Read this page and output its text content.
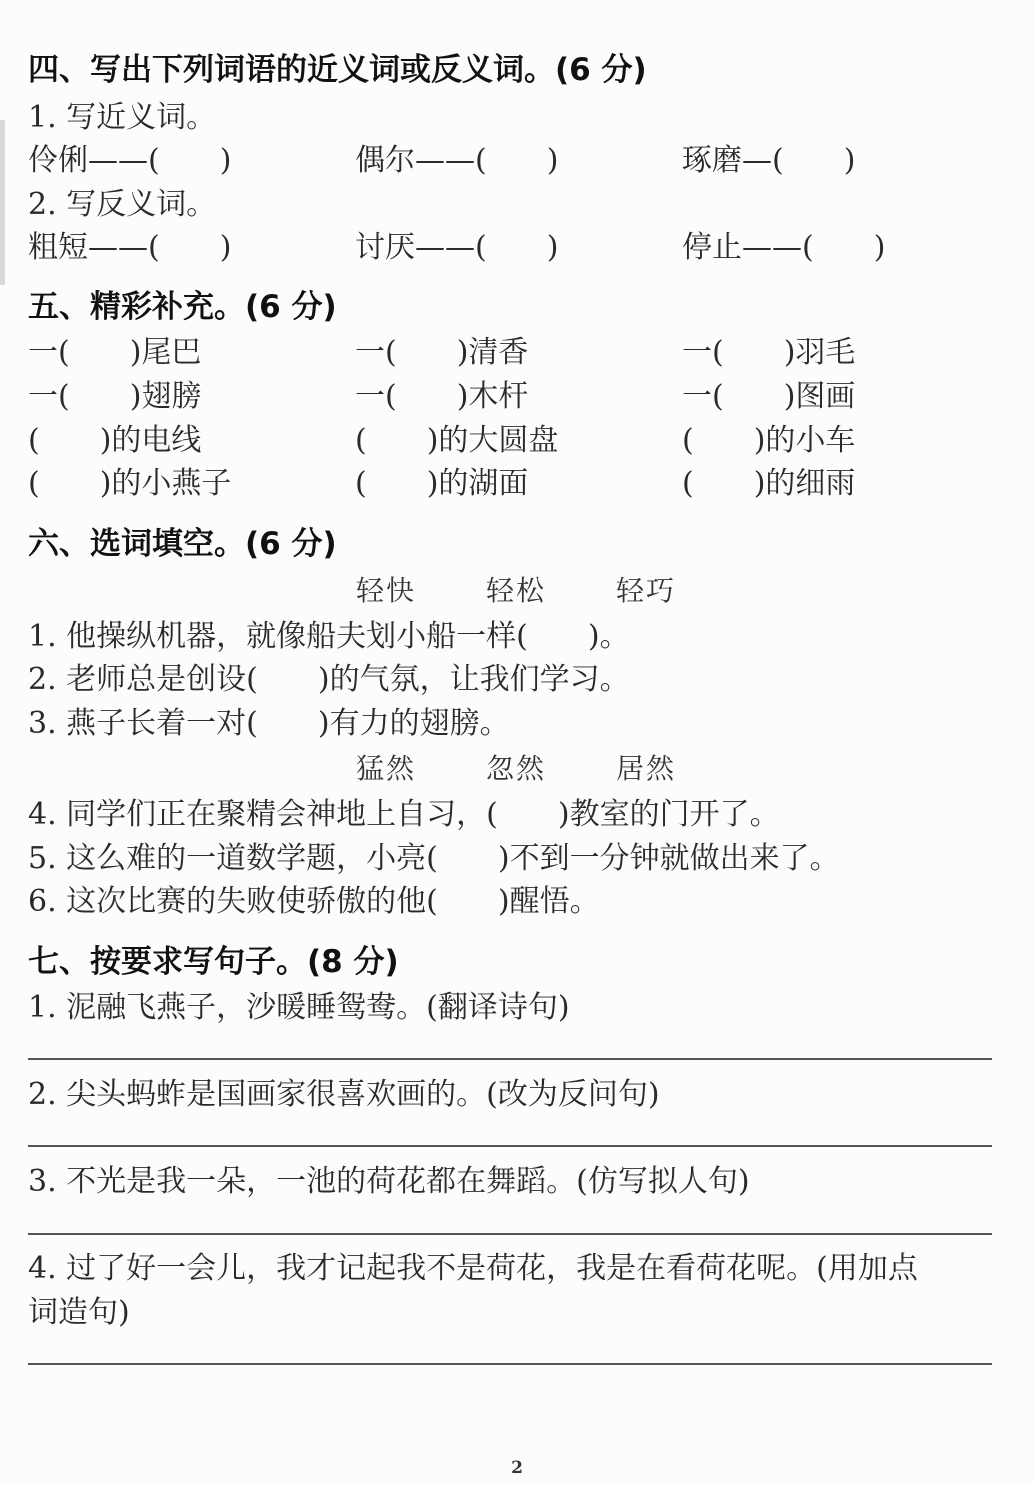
四、写出下列词语的近义词或反义词。(6 分)
1. 写近义词。
伶俐——(　　)	偶尔——(　　)	琢磨—(　　)
2. 写反义词。
粗短——(　　)	讨厌——(　　)	停止——(　　)
五、精彩补充。(6 分)
一(　　)尾巴	一(　　)清香	一(　　)羽毛
一(　　)翅膀	一(　　)木杆	一(　　)图画
(　　)的电线	(　　)的大圆盘	(　　)的小车
(　　)的小燕子	(　　)的湖面	(　　)的细雨
六、选词填空。(6 分)
轻快 轻松 轻巧
1. 他操纵机器，就像船夫划小船一样(　　)。
2. 老师总是创设(　　)的气氛，让我们学习。
3. 燕子长着一对(　　)有力的翅膀。
猛然 忽然 居然
4. 同学们正在聚精会神地上自习，(　　)教室的门开了。
5. 这么难的一道数学题，小亮(　　)不到一分钟就做出来了。
6. 这次比赛的失败使骄傲的他(　　)醒悟。
七、按要求写句子。(8 分)
1. 泥融飞燕子，沙暖睡鸳鸯。(翻译诗句)
2. 尖头蚂蚱是国画家很喜欢画的。(改为反问句)
3. 不光是我一朵，一池的荷花都在舞蹈。(仿写拟人句)
4. 过了好一会儿，我才记起我不是荷花，我是在看荷花呢。(用加点
词造句)
2
